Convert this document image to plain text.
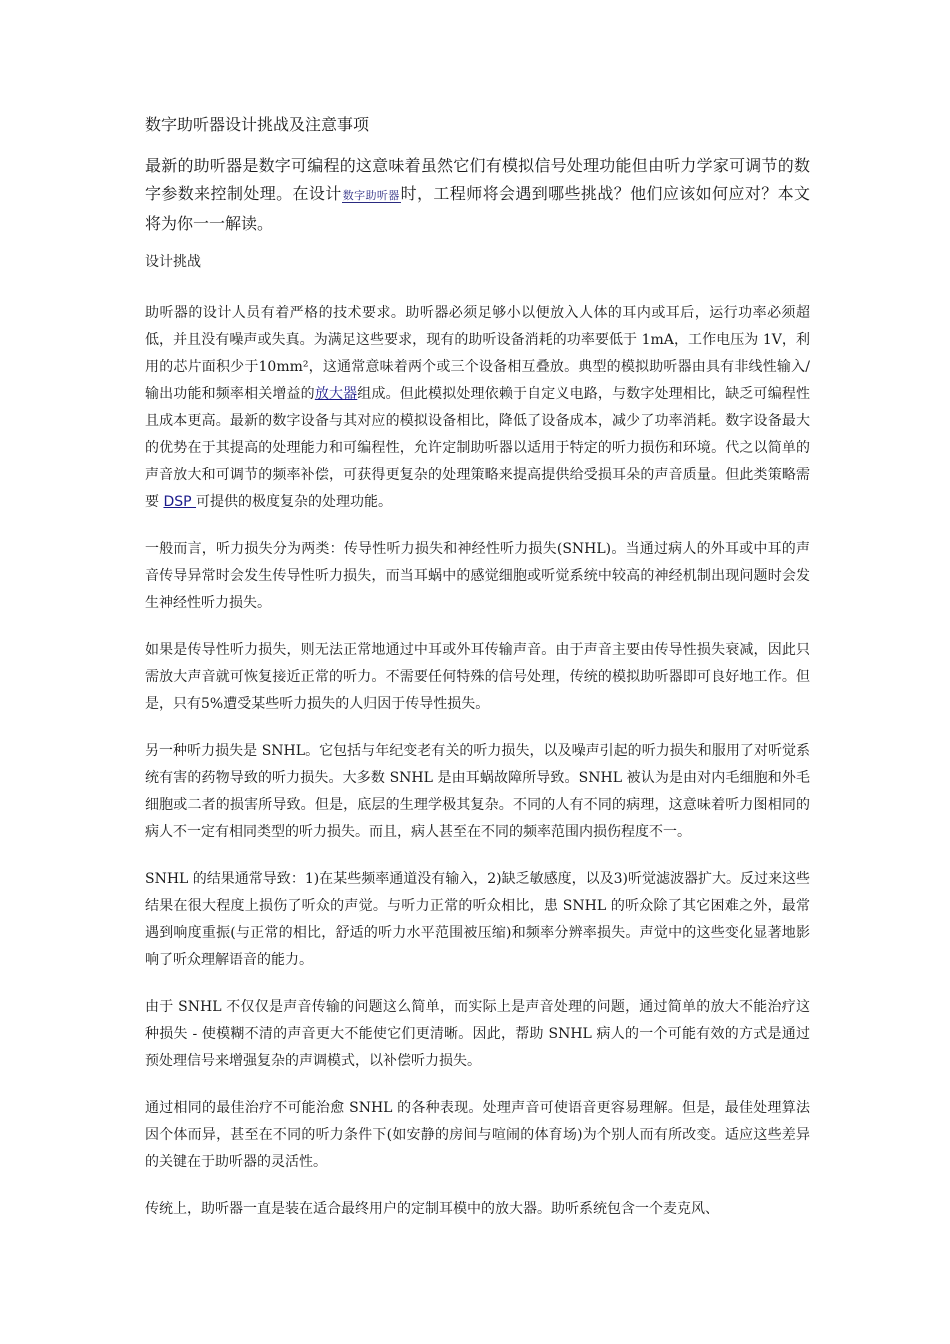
数字助听器设计挑战及注意事项

最新的助听器是数字可编程的这意味着虽然它们有模拟信号处理功能但由听力学家可调节的数字参数来控制处理。在设计数字助听器时，工程师将会遇到哪些挑战？他们应该如何应对？本文将为你一一解读。

设计挑战

助听器的设计人员有着严格的技术要求。助听器必须足够小以便放入人体的耳内或耳后，运行功率必须超低，并且没有噪声或失真。为满足这些要求，现有的助听设备消耗的功率要低于 1mA，工作电压为 1V，利用的芯片面积少于10mm²，这通常意味着两个或三个设备相互叠放。典型的模拟助听器由具有非线性输入/输出功能和频率相关增益的放大器组成。但此模拟处理依赖于自定义电路，与数字处理相比，缺乏可编程性且成本更高。最新的数字设备与其对应的模拟设备相比，降低了设备成本，减少了功率消耗。数字设备最大的优势在于其提高的处理能力和可编程性，允许定制助听器以适用于特定的听力损伤和环境。代之以简单的声音放大和可调节的频率补偿，可获得更复杂的处理策略来提高提供给受损耳朵的声音质量。但此类策略需要 DSP 可提供的极度复杂的处理功能。

一般而言，听力损失分为两类：传导性听力损失和神经性听力损失(SNHL)。当通过病人的外耳或中耳的声音传导异常时会发生传导性听力损失，而当耳蜗中的感觉细胞或听觉系统中较高的神经机制出现问题时会发生神经性听力损失。

如果是传导性听力损失，则无法正常地通过中耳或外耳传输声音。由于声音主要由传导性损失衰减，因此只需放大声音就可恢复接近正常的听力。不需要任何特殊的信号处理，传统的模拟助听器即可良好地工作。但是，只有5%遭受某些听力损失的人归因于传导性损失。

另一种听力损失是 SNHL。它包括与年纪变老有关的听力损失，以及噪声引起的听力损失和服用了对听觉系统有害的药物导致的听力损失。大多数 SNHL 是由耳蜗故障所导致。SNHL 被认为是由对内毛细胞和外毛细胞或二者的损害所导致。但是，底层的生理学极其复杂。不同的人有不同的病理，这意味着听力图相同的病人不一定有相同类型的听力损失。而且，病人甚至在不同的频率范围内损伤程度不一。

SNHL 的结果通常导致：1)在某些频率通道没有输入，2)缺乏敏感度，以及3)听觉滤波器扩大。反过来这些结果在很大程度上损伤了听众的声觉。与听力正常的听众相比，患 SNHL 的听众除了其它困难之外，最常遇到响度重振(与正常的相比，舒适的听力水平范围被压缩)和频率分辨率损失。声觉中的这些变化显著地影响了听众理解语音的能力。

由于 SNHL 不仅仅是声音传输的问题这么简单，而实际上是声音处理的问题，通过简单的放大不能治疗这种损失 - 使模糊不清的声音更大不能使它们更清晰。因此，帮助 SNHL 病人的一个可能有效的方式是通过预处理信号来增强复杂的声调模式，以补偿听力损失。

通过相同的最佳治疗不可能治愈 SNHL 的各种表现。处理声音可使语音更容易理解。但是，最佳处理算法因个体而异，甚至在不同的听力条件下(如安静的房间与喧闹的体育场)为个别人而有所改变。适应这些差异的关键在于助听器的灵活性。

传统上，助听器一直是装在适合最终用户的定制耳模中的放大器。助听系统包含一个麦克风、
